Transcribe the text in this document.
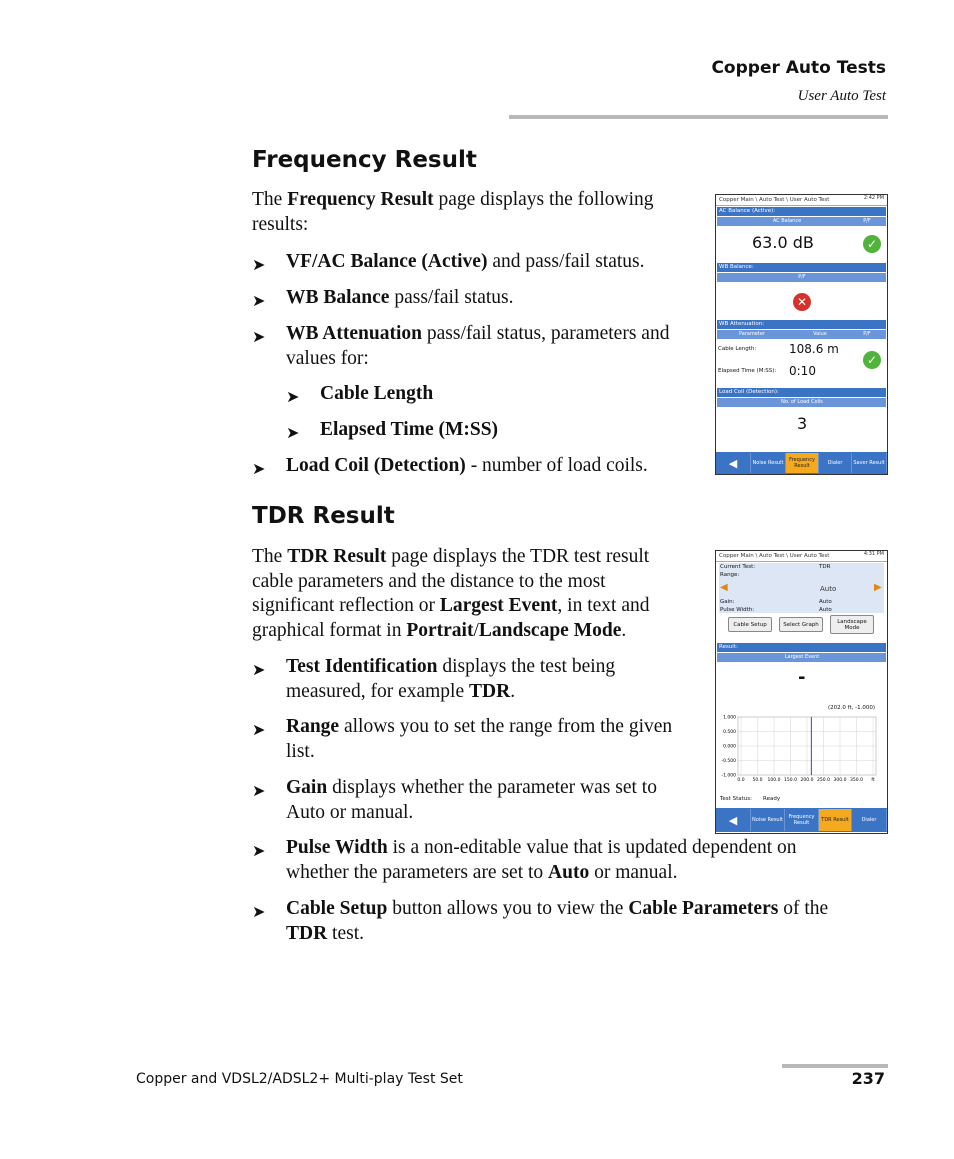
Copper Auto Tests
User Auto Test
Frequency Result
The Frequency Result page displays the following
results:
➤ VF/AC Balance (Active) and pass/fail status.
➤ WB Balance pass/fail status.
➤ WB Attenuation pass/fail status, parameters and
values for:
➤ Cable Length
➤ Elapsed Time (M:SS)
➤ Load Coil (Detection) - number of load coils.
Copper Main \ Auto Test \ User Auto Test	2:42 PM
AC Balance (Active):
AC Balance	P/F
63.0 dB	✓
WB Balance:
P/F
✕
WB Attenuation:
Parameter	Value	P/F
Cable Length:	108.6 m
Elapsed Time (M:SS): 0:10
✓
Load Coil (Detection):
No. of Load Coils
3
◀	Noise Result	Frequency Result	Dialer	Saver Result
TDR Result
The TDR Result page displays the TDR test result
cable parameters and the distance to the most
significant reflection or Largest Event, in text and
graphical format in Portrait/Landscape Mode.
➤ Test Identification displays the test being
measured, for example TDR.
➤ Range allows you to set the range from the given
list.
➤ Gain displays whether the parameter was set to
Auto or manual.
➤ Pulse Width is a non-editable value that is updated dependent on
whether the parameters are set to Auto or manual.
➤ Cable Setup button allows you to view the Cable Parameters of the
TDR test.
Copper Main \ Auto Test \ User Auto Test	4:31 PM
Current Test:	TDR
Range:
◀	Auto	▶
Gain:	Auto
Pulse Width:	Auto
Cable Setup	Select Graph	Landscape Mode
Result:
Largest Event
-
(202.0 ft, -1.000)
1.000
0.500
0.000
-0.500
-1.000
0.0 50.0 100.0 150.0 200.0 250.0 300.0 350.0 ft
Test Status: Ready
◀	Noise Result	Frequency Result	TDR Result	Dialer
Copper and VDSL2/ADSL2+ Multi-play Test Set	237
